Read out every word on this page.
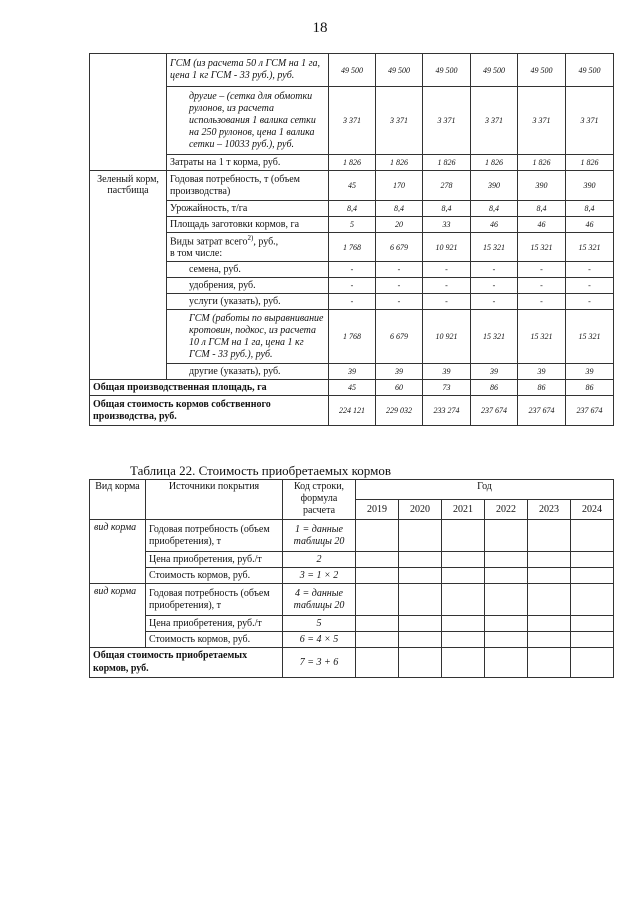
18
	ГСМ (из расчета 50 л ГСМ на 1 га, цена 1 кг ГСМ - 33 руб.), руб.	49 500	49 500	49 500	49 500	49 500	49 500
	другие – (сетка для обмотки рулонов, из расчета использования 1 валика сетки на 250 рулонов, цена 1 валика сетки – 10033 руб.), руб.	3 371	3 371	3 371	3 371	3 371	3 371
	Затраты на 1 т корма, руб.	1 826	1 826	1 826	1 826	1 826	1 826
Зеленый корм, пастбища	Годовая потребность, т (объем производства)	45	170	278	390	390	390
	Урожайность, т/га	8,4	8,4	8,4	8,4	8,4	8,4
	Площадь заготовки кормов, га	5	20	33	46	46	46
	Виды затрат всего$^{2)}$, руб.,
в том числе:	1 768	6 679	10 921	15 321	15 321	15 321
	семена, руб.	-	-	-	-	-	-
	удобрения, руб.	-	-	-	-	-	-
	услуги (указать), руб.	-	-	-	-	-	-
	ГСМ (работы по выравнивание кротовин, подкос, из расчета 10 л ГСМ на 1 га, цена 1 кг ГСМ - 33 руб.), руб.	1 768	6 679	10 921	15 321	15 321	15 321
	другие (указать), руб.	39	39	39	39	39	39
Общая производственная площадь, га		45	60	73	86	86	86
Общая стоимость кормов собственного производства, руб.		224 121	229 032	233 274	237 674	237 674	237 674
Таблица 22. Стоимость приобретаемых кормов
Вид корма	Источники покрытия	Код строки, формула расчета	Год					
			2019	2020	2021	2022	2023	2024
вид корма	Годовая потребность (объем приобретения), т	1 = данные таблицы 20						
	Цена приобретения, руб./т	2						
	Стоимость кормов, руб.	3 = 1 × 2						
вид корма	Годовая потребность (объем приобретения), т	4 = данные таблицы 20						
	Цена приобретения, руб./т	5						
	Стоимость кормов, руб.	6 = 4 × 5						
Общая стоимость приобретаемых кормов, руб.		7 = 3 + 6						
